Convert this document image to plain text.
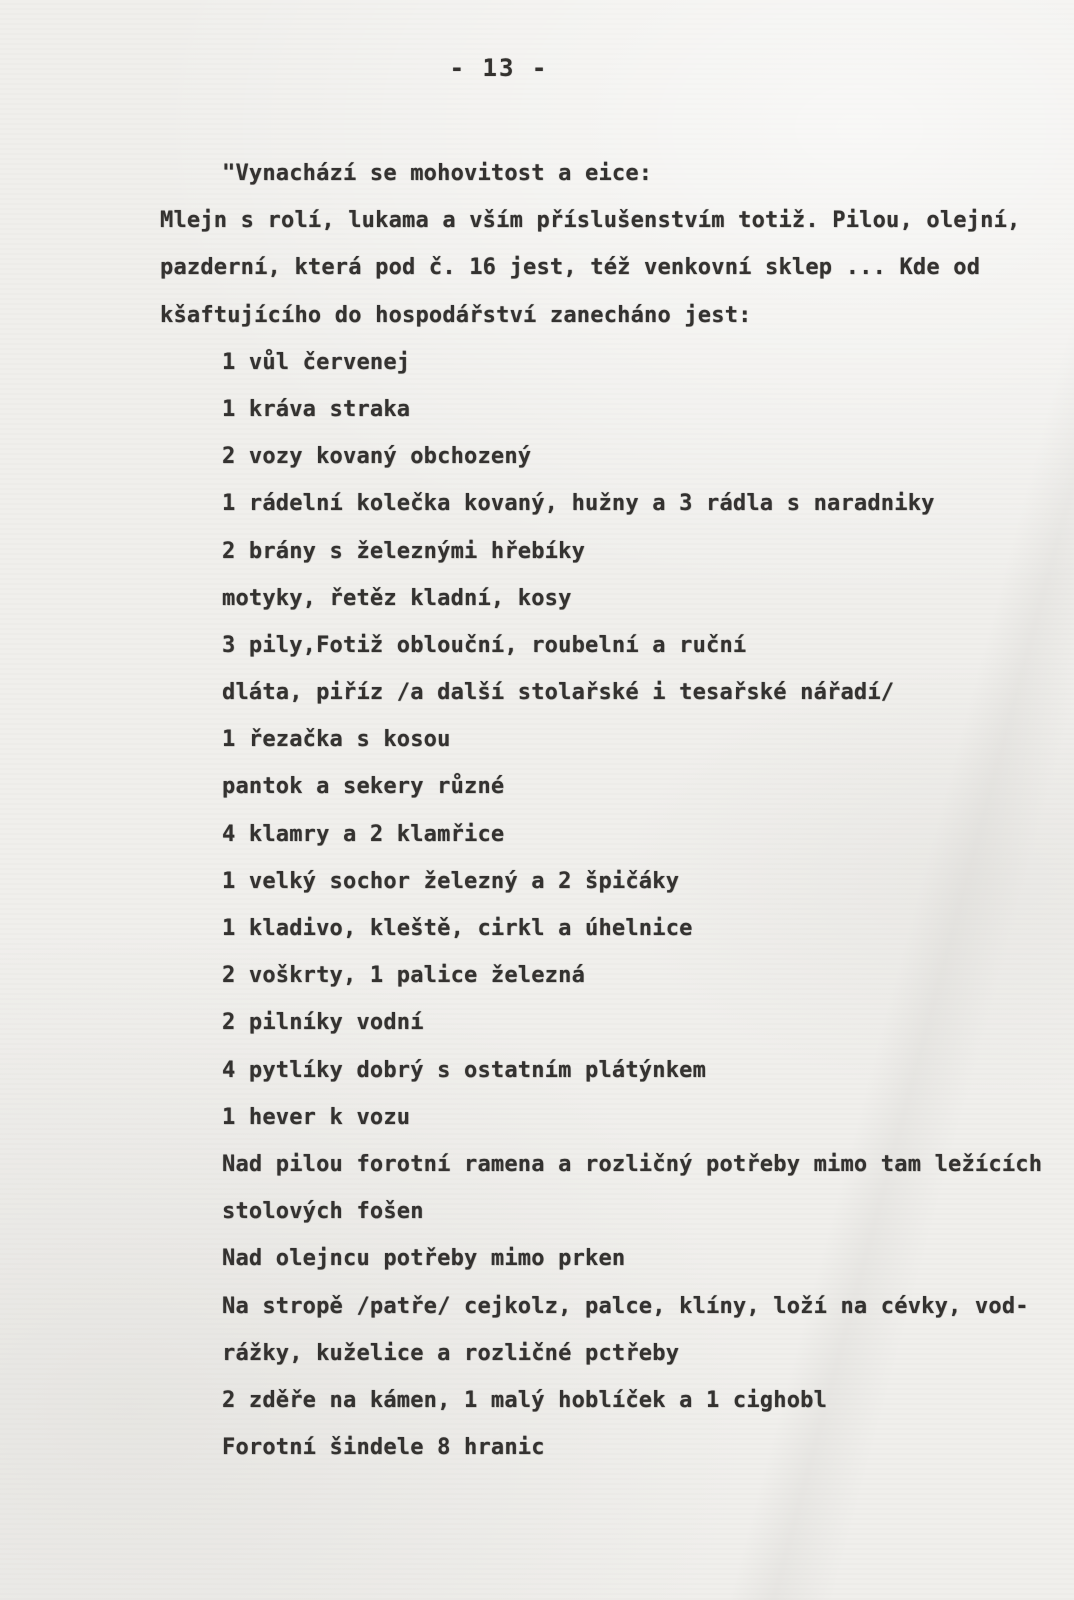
- 13 -
"Vynachází se mohovitost a eice:
Mlejn s rolí, lukama a vším příslušenstvím totiž. Pilou, olejní,
pazderní, která pod č. 16 jest, též venkovní sklep ... Kde od
kšaftujícího do hospodářství zanecháno jest:
1 vůl červenej
1 kráva straka
2 vozy kovaný obchozený
1 rádelní kolečka kovaný, hužny a 3 rádla s naradniky
2 brány s železnými hřebíky
motyky, řetěz kladní, kosy
3 pily,Fotiž oblouční, roubelní a ruční
dláta, piříz /a další stolařské i tesařské nářadí/
1 řezačka s kosou
pantok a sekery různé
4 klamry a 2 klamřice
1 velký sochor železný a 2 špičáky
1 kladivo, kleště, cirkl a úhelnice
2 voškrty, 1 palice železná
2 pilníky vodní
4 pytlíky dobrý s ostatním plátýnkem
1 hever k vozu
Nad pilou forotní ramena a rozličný potřeby mimo tam ležících
stolových fošen
Nad olejncu potřeby mimo prken
Na stropě /patře/ cejkolz, palce, klíny, loží na cévky, vod-
rážky, kuželice a rozličné pctřeby
2 zděře na kámen, 1 malý hoblíček a 1 cighobl
Forotní šindele 8 hranic
